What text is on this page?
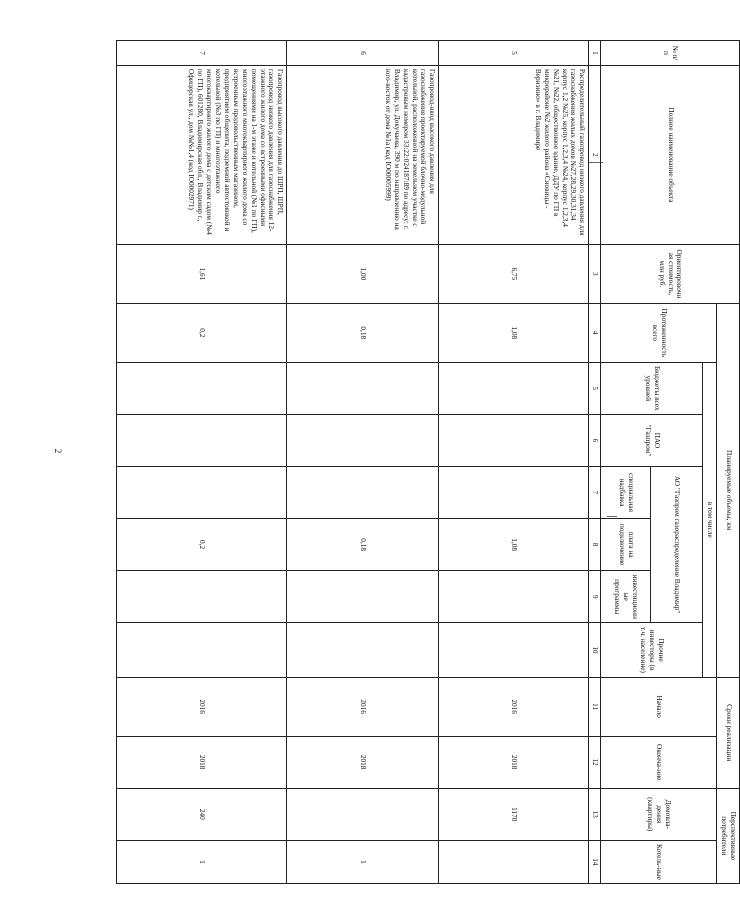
2
№ п/п	Полное наименование объекта	Ориентировочная стоимость, млн руб.	Планируемые объемы, км							Сроки реализации		Перспективные потребители	
			Протяженность всего	в том числе						Начало	Оконча-ние	Домовла-дения (квартиры)	Котель-ные
				Бюджеты всех уровней	ПАО "Газпром"	АО "Газпром газораспределение Владимир"			Прочие инвесторы (в т.ч. население)				
						специальная надбавка	плата на подключение	инвестиционные программы					
1	2	3	4	5	6	7	8	9	10	11	12	13	14
5	Распределительный газопровод низкого давления для газоснабжения жилых домов №27,28,29,30,31,34 корпус 1,2 №25, корпус 1,2,3,4 №24, корпус 1,2,3,4 №21, №22, общественное здание, ДДУ по ГП в микрорайоне №2 жилого района «Сновицы - Веризино» в г. Владимире	6,75	1,08				1,08			2016	2018	1170	
6	Газопровод-ввод высокого давления для газоснабжения проектируемой блочно-модульной котельной, расположенной на земельном участке с кадастровым номером 33:22:024187:89 по адресу: г. Владимир, ул. Докучаева, 390 м по направлению на юго-восток от дома №1а (код IO00005999)	1,00	0,18				0,18			2016	2018		1
7	Газопровод высокого давления до ШРП, ШРП, газопровод низкого давления для газоснабжения 12-этажного жилого дома со встроенными офисными помещениями на 1-м этаже и котельной (№1 по ГП), многоэтажного многоквартирного жилого дома со встроенным продовольственным магазином, предприятием общепита, подземной автостоянкой и котельной (№3 по ГП) и многоэтажного многоквартирного жилого дома с детским садом (№4 по ГП), 601280, Владимирская обл., Владимир г., Офицерская ул., дом №№1,4 (код IO0002971)	1,61	0,2				0,2			2016	2018	240	1
